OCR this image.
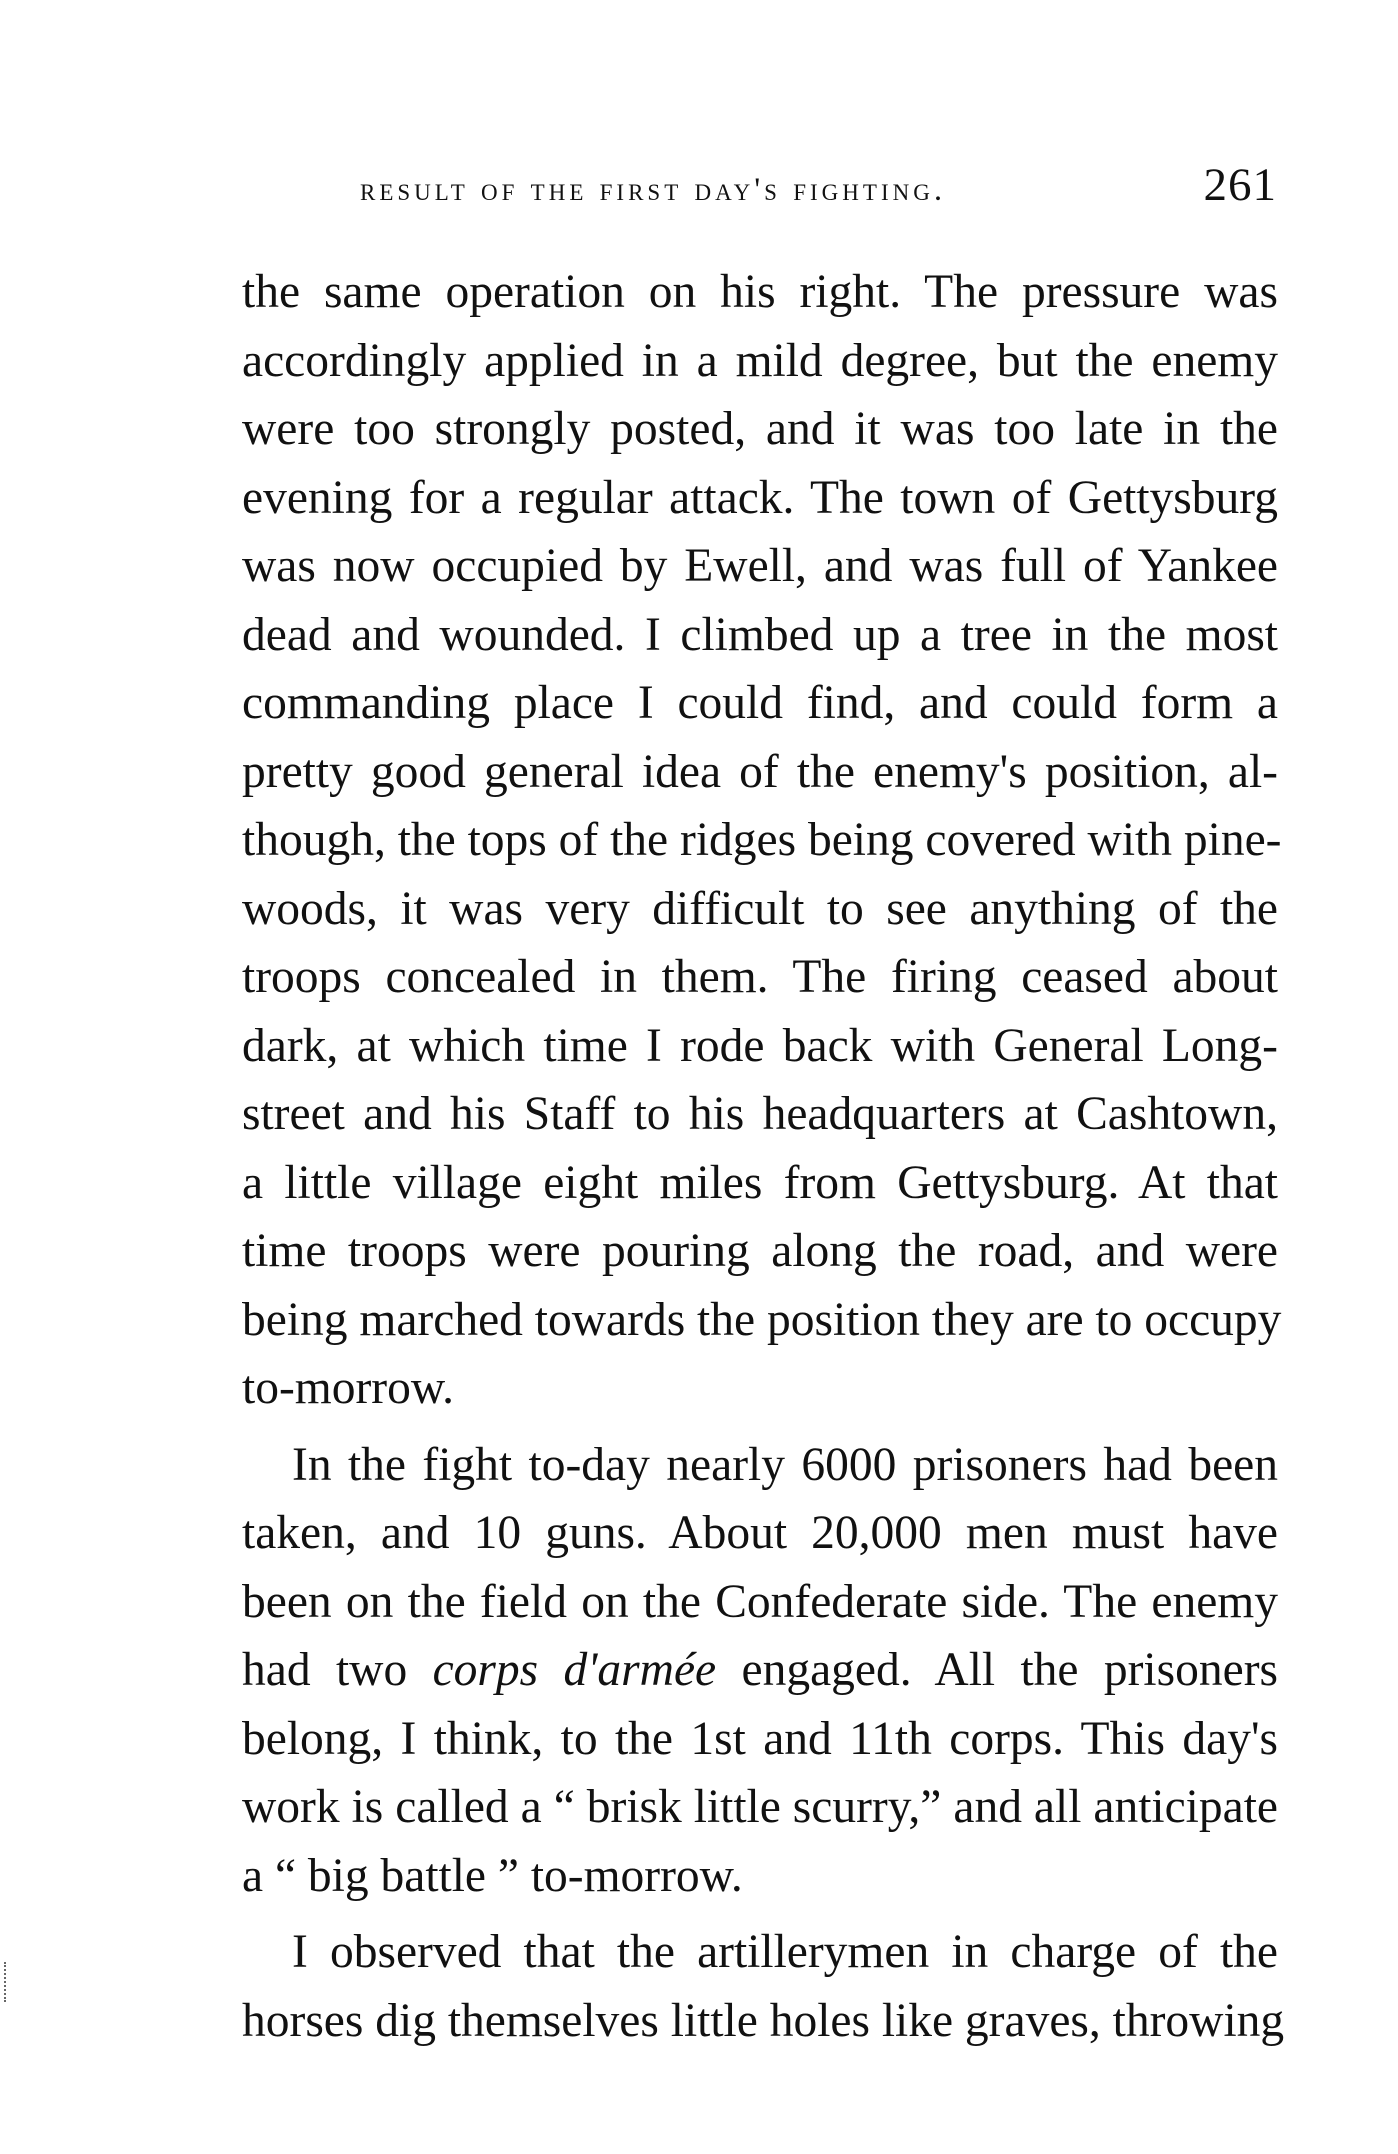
result of the first day's fighting.	261
the same operation on his right. The pressure was
accordingly applied in a mild degree, but the enemy
were too strongly posted, and it was too late in the
evening for a regular attack. The town of Gettysburg
was now occupied by Ewell, and was full of Yankee
dead and wounded. I climbed up a tree in the most
commanding place I could find, and could form a
pretty good general idea of the enemy's position, al-
though, the tops of the ridges being covered with pine-
woods, it was very difficult to see anything of the
troops concealed in them. The firing ceased about
dark, at which time I rode back with General Long-
street and his Staff to his headquarters at Cashtown,
a little village eight miles from Gettysburg. At that
time troops were pouring along the road, and were
being marched towards the position they are to occupy
to-morrow.
In the fight to-day nearly 6000 prisoners had been
taken, and 10 guns. About 20,000 men must have
been on the field on the Confederate side. The enemy
had two corps d'armée engaged. All the prisoners
belong, I think, to the 1st and 11th corps. This day's
work is called a “ brisk little scurry,” and all anticipate
a “ big battle ” to-morrow.
I observed that the artillerymen in charge of the
horses dig themselves little holes like graves, throwing
